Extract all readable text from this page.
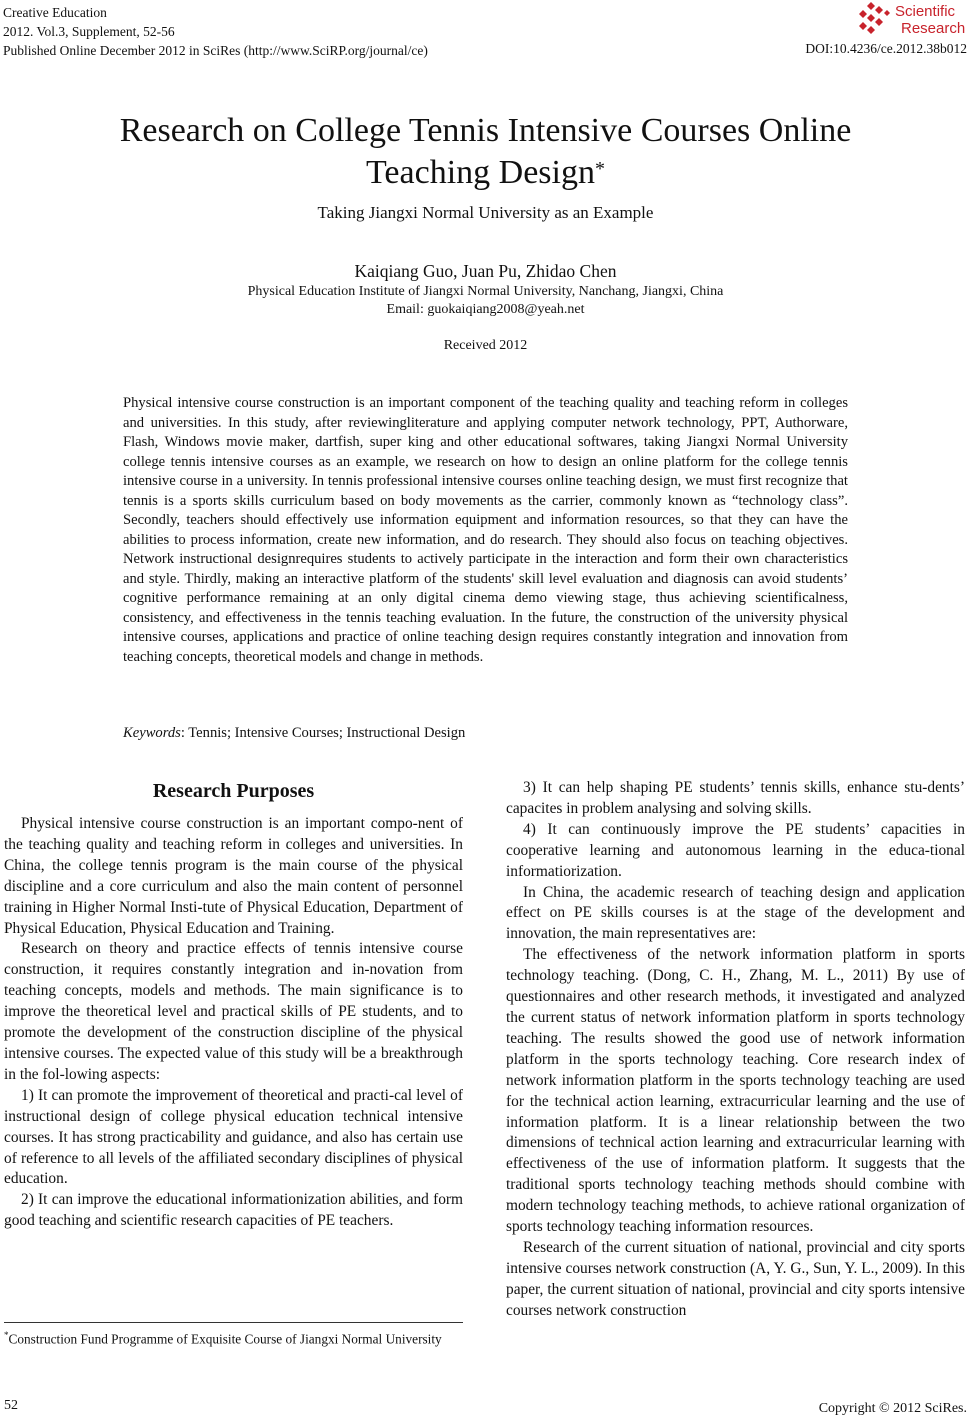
Creative Education
2012. Vol.3, Supplement, 52-56
Published Online December 2012 in SciRes (http://www.SciRP.org/journal/ce)
Scientific
Research
DOI:10.4236/ce.2012.38b012
Research on College Tennis Intensive Courses Online
Teaching Design*
Taking Jiangxi Normal University as an Example
Kaiqiang Guo, Juan Pu, Zhidao Chen
Physical Education Institute of Jiangxi Normal University, Nanchang, Jiangxi, China
Email: guokaiqiang2008@yeah.net
Received 2012
Physical intensive course construction is an important component of the teaching quality and teaching reform in colleges and universities. In this study, after reviewingliterature and applying computer network technology, PPT, Authorware, Flash, Windows movie maker, dartfish, super king and other educational softwares, taking Jiangxi Normal University college tennis intensive courses as an example, we research on how to design an online platform for the college tennis intensive course in a university. In tennis professional intensive courses online teaching design, we must first recognize that tennis is a sports skills curriculum based on body movements as the carrier, commonly known as “technology class”. Secondly, teachers should effectively use information equipment and information resources, so that they can have the abilities to process information, create new information, and do research. They should also focus on teaching objectives. Network instructional designrequires students to actively participate in the interaction and form their own characteristics and style. Thirdly, making an interactive platform of the students' skill level evaluation and diagnosis can avoid students’ cognitive performance remaining at an only digital cinema demo viewing stage, thus achieving scientificalness, consistency, and effectiveness in the tennis teaching evaluation. In the future, the construction of the university physical intensive courses, applications and practice of online teaching design requires constantly integration and innovation from teaching concepts, theoretical models and change in methods.
Keywords: Tennis; Intensive Courses; Instructional Design
Research Purposes

Physical intensive course construction is an important compo-nent of the teaching quality and teaching reform in colleges and universities. In China, the college tennis program is the main course of the physical discipline and a core curriculum and also the main content of personnel training in Higher Normal Insti-tute of Physical Education, Department of Physical Education, Physical Education and Training.

Research on theory and practice effects of tennis intensive course construction, it requires constantly integration and in-novation from teaching concepts, models and methods. The main significance is to improve the theoretical level and practical skills of PE students, and to promote the development of the construction discipline of the physical intensive courses. The expected value of this study will be a breakthrough in the fol-lowing aspects:

1) It can promote the improvement of theoretical and practi-cal level of instructional design of college physical education technical intensive courses. It has strong practicability and guidance, and also has certain use of reference to all levels of the affiliated secondary disciplines of physical education.

2) It can improve the educational informationization abilities, and form good teaching and scientific research capacities of PE teachers.

3) It can help shaping PE students’ tennis skills, enhance stu-dents’ capacites in problem analysing and solving skills.

4) It can continuously improve the PE students’ capacities in cooperative learning and autonomous learning in the educa-tional informatiorization.

In China, the academic research of teaching design and application effect on PE skills courses is at the stage of the development and innovation, the main representatives are:

The effectiveness of the network information platform in sports technology teaching. (Dong, C. H., Zhang, M. L., 2011) By use of questionnaires and other research methods, it investigated and analyzed the current status of network information platform in sports technology teaching. The results showed the good use of network information platform in the sports technology teaching. Core research index of network information platform in the sports technology teaching are used for the technical action learning, extracurricular learning and the use of information platform. It is a linear relationship between the two dimensions of technical action learning and extracurricular learning with effectiveness of the use of information platform. It suggests that the traditional sports technology teaching methods should combine with modern technology teaching methods, to achieve rational organization of sports technology teaching information resources.

Research of the current situation of national, provincial and city sports intensive courses network construction (A, Y. G., Sun, Y. L., 2009). In this paper, the current situation of national, provincial and city sports intensive courses network construction

*Construction Fund Programme of Exquisite Course of Jiangxi Normal University
52	Copyright © 2012 SciRes.
